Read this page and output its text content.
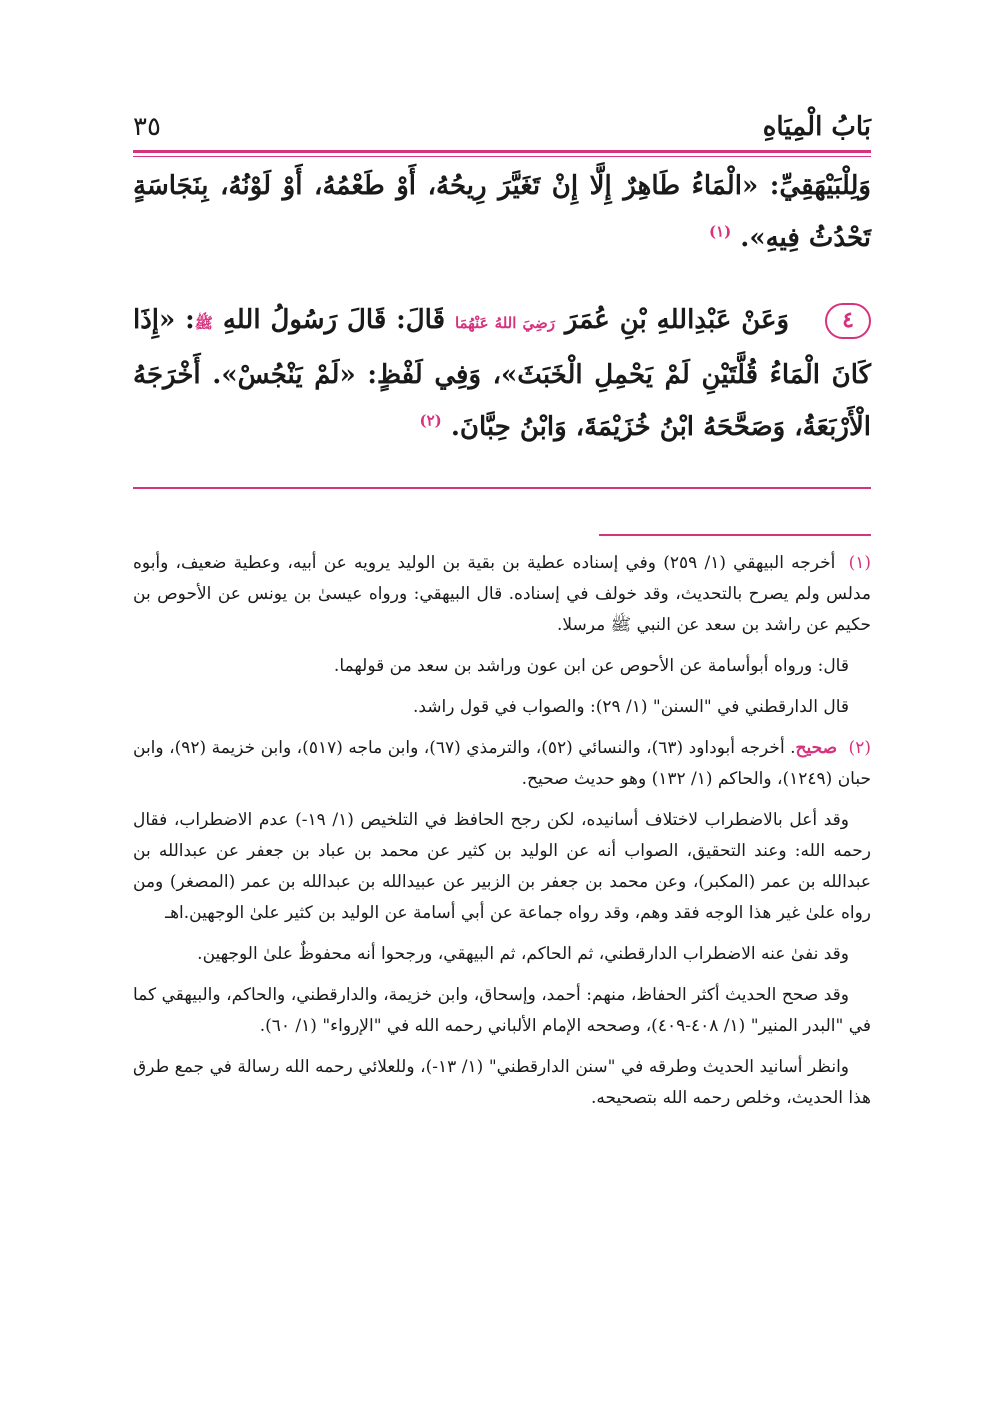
بَابُ الْمِيَاهِ
٣٥

وَلِلْبَيْهَقِيِّ: «الْمَاءُ طَاهِرٌ إِلَّا إِنْ تَغَيَّرَ رِيحُهُ، أَوْ طَعْمُهُ، أَوْ لَوْنُهُ، بِنَجَاسَةٍ تَحْدُثُ فِيهِ». $^{(١)}$

٤ وَعَنْ عَبْدِاللهِ بْنِ عُمَرَ رَضِيَ اللهُ عَنْهُمَا قَالَ: قَالَ رَسُولُ اللهِ ﷺ: «إِذَا كَانَ الْمَاءُ قُلَّتَيْنِ لَمْ يَحْمِلِ الْخَبَثَ»، وَفِي لَفْظٍ: «لَمْ يَنْجُسْ». أَخْرَجَهُ الْأَرْبَعَةُ، وَصَحَّحَهُ ابْنُ خُزَيْمَةَ، وَابْنُ حِبَّانَ. $^{(٢)}$

(١) أخرجه البيهقي (١/ ٢٥٩) وفي إسناده عطية بن بقية بن الوليد يرويه عن أبيه، وعطية ضعيف، وأبوه مدلس ولم يصرح بالتحديث، وقد خولف في إسناده. قال البيهقي: ورواه عيسىٰ بن يونس عن الأحوص بن حكيم عن راشد بن سعد عن النبي ﷺ مرسلا.

قال: ورواه أبوأسامة عن الأحوص عن ابن عون وراشد بن سعد من قولهما.

قال الدارقطني في "السنن" (١/ ٢٩): والصواب في قول راشد.

(٢) صحيح. أخرجه أبوداود (٦٣)، والنسائي (٥٢)، والترمذي (٦٧)، وابن ماجه (٥١٧)، وابن خزيمة (٩٢)، وابن حبان (١٢٤٩)، والحاكم (١/ ١٣٢) وهو حديث صحيح.

وقد أعل بالاضطراب لاختلاف أسانيده، لكن رجح الحافظ في التلخيص (١/ ١٩-) عدم الاضطراب، فقال رحمه الله: وعند التحقيق، الصواب أنه عن الوليد بن كثير عن محمد بن عباد بن جعفر عن عبدالله بن عبدالله بن عمر (المكبر)، وعن محمد بن جعفر بن الزبير عن عبيدالله بن عبدالله بن عمر (المصغر) ومن رواه علىٰ غير هذا الوجه فقد وهم، وقد رواه جماعة عن أبي أسامة عن الوليد بن كثير علىٰ الوجهين.اهـ

وقد نفىٰ عنه الاضطراب الدارقطني، ثم الحاكم، ثم البيهقي، ورجحوا أنه محفوظٌ علىٰ الوجهين.

وقد صحح الحديث أكثر الحفاظ، منهم: أحمد، وإسحاق، وابن خزيمة، والدارقطني، والحاكم، والبيهقي كما في "البدر المنير" (١/ ٤٠٨-٤٠٩)، وصححه الإمام الألباني رحمه الله في "الإرواء" (١/ ٦٠).

وانظر أسانيد الحديث وطرقه في "سنن الدارقطني" (١/ ١٣-)، وللعلائي رحمه الله رسالة في جمع طرق هذا الحديث، وخلص رحمه الله بتصحيحه.
